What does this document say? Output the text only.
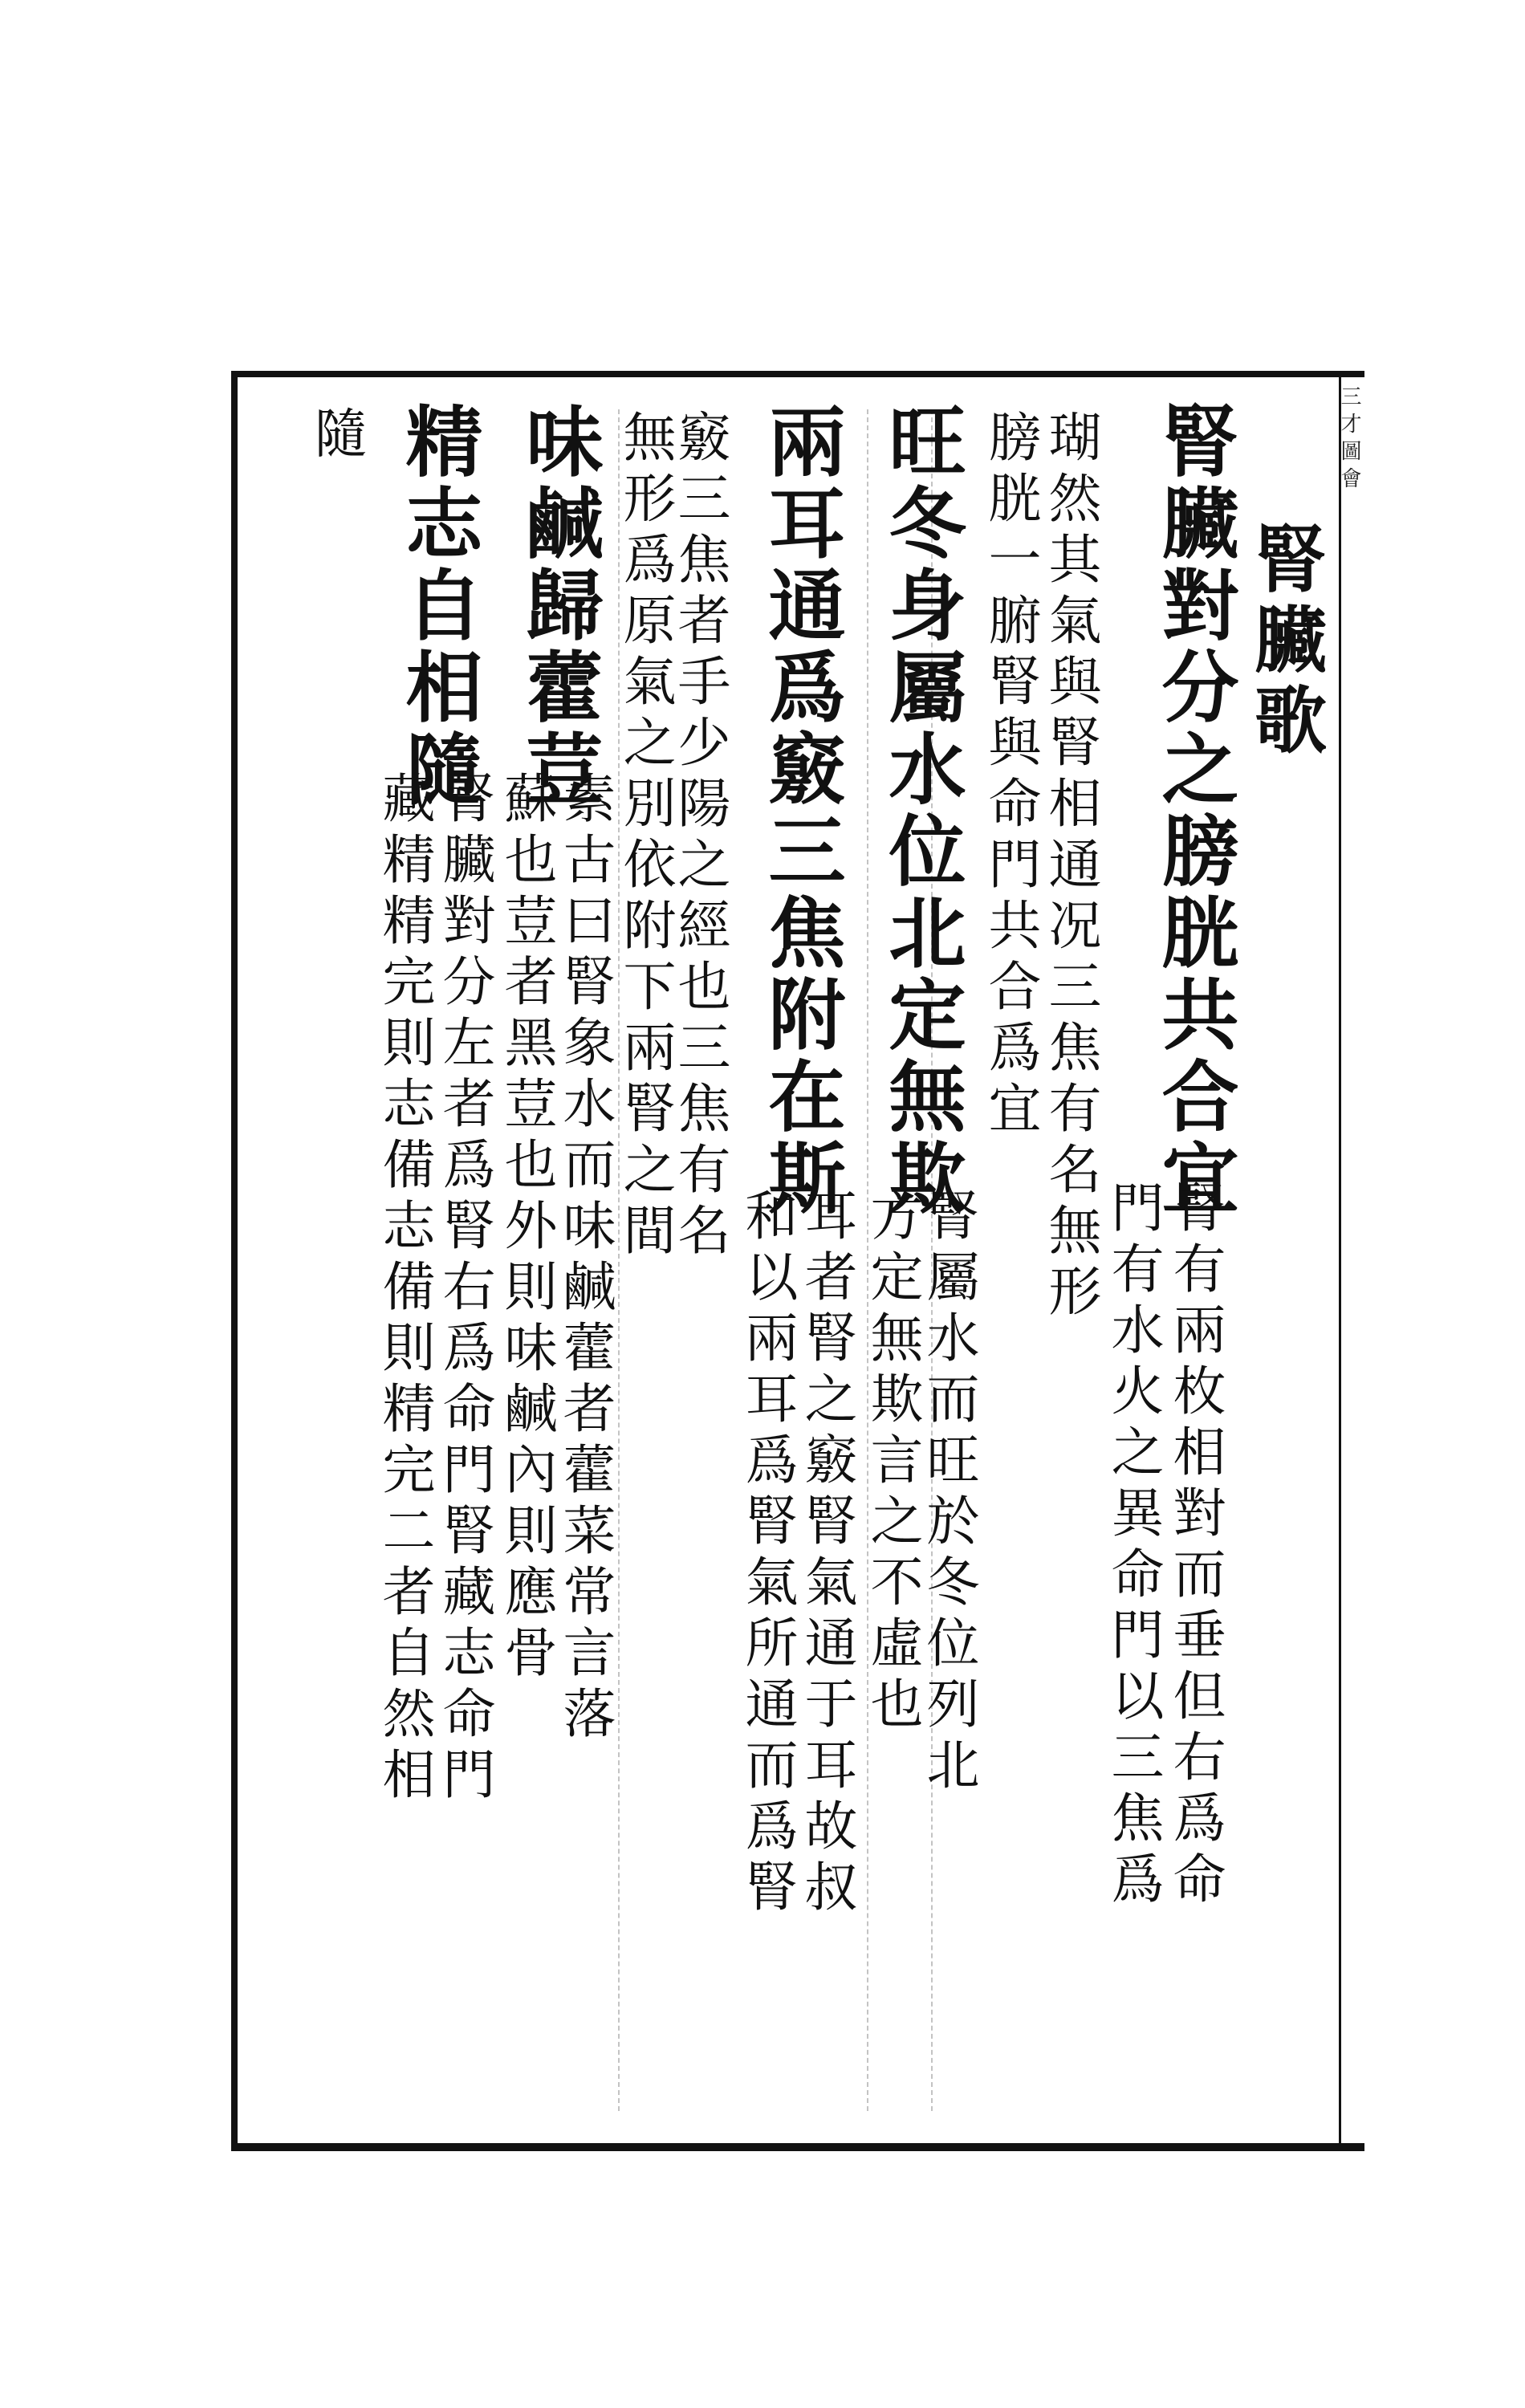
三才圖會
腎臟歌
腎臟對分之膀胱共合宜
腎有兩枚相對而垂但右爲命
門有水火之異命門以三焦爲
瑚然其氣與腎相通况三焦有名無形
膀胱一腑腎與命門共合爲宜
旺冬身屬水位北定無欺
腎屬水而旺於冬位列北
方定無欺言之不虛也
兩耳通爲竅三焦附在斯
耳者腎之竅腎氣通于耳故叔
和以兩耳爲腎氣所通而爲腎
竅三焦者手少陽之經也三焦有名
無形爲原氣之別依附下兩腎之間
味鹹歸藿荳
素古曰腎象水而味鹹藿者藿菜常言落
蘇也荳者黑荳也外則味鹹內則應骨
精志自相隨
腎臟對分左者爲腎右爲命門腎藏志命門
藏精精完則志備志備則精完二者自然相
隨
